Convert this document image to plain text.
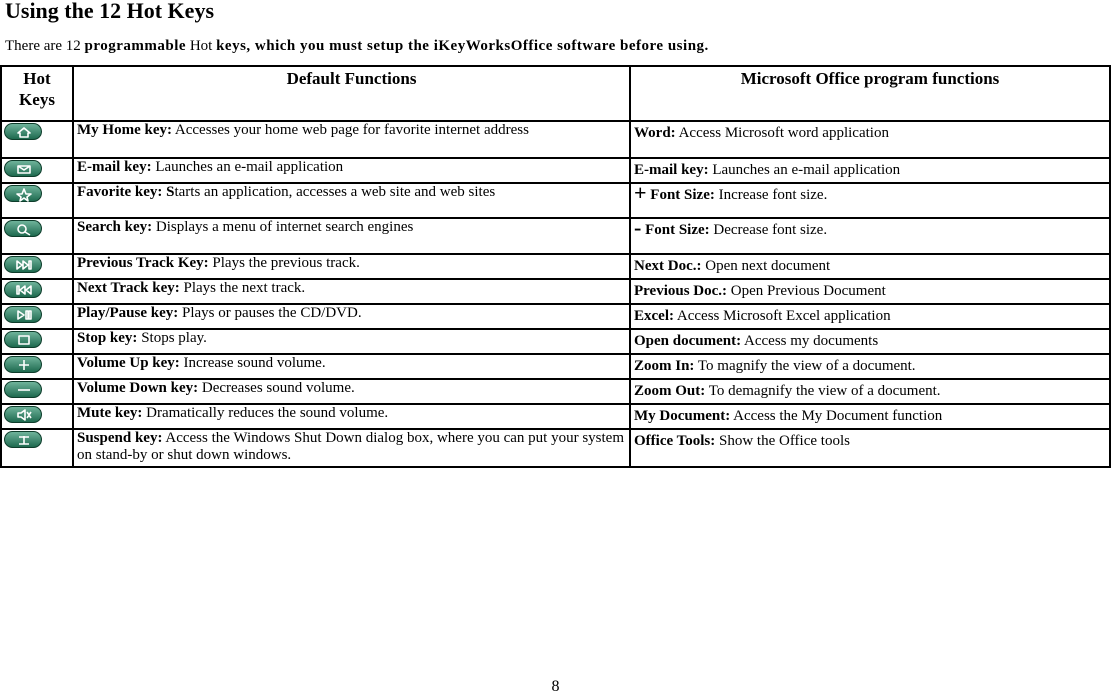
Using the 12 Hot Keys
There are 12 programmable Hot keys, which you must setup the iKeyWorksOffice software before using.
Hot Keys	Default Functions	Microsoft Office program functions

	My Home key: Accesses your home web page for favorite internet address	Word: Access Microsoft word application

	E-mail key: Launches an e-mail application	E-mail key: Launches an e-mail application

	Favorite key: Starts an application, accesses a web site and web sites	+ Font Size: Increase font size.

	Search key: Displays a menu of internet search engines	- Font Size: Decrease font size.

	Previous Track Key: Plays the previous track.	Next Doc.: Open next document

	Next Track key: Plays the next track.	Previous Doc.: Open Previous Document

	Play/Pause key: Plays or pauses the CD/DVD.	Excel: Access Microsoft Excel application

	Stop key: Stops play.	Open document: Access my documents

	Volume Up key: Increase sound volume.	Zoom In: To magnify the view of a document.

	Volume Down key: Decreases sound volume.	Zoom Out: To demagnify the view of a document.

	Mute key: Dramatically reduces the sound volume.	My Document: Access the My Document function

	Suspend key: Access the Windows Shut Down dialog box, where you can put your system on stand-by or shut down windows.	Office Tools: Show the Office tools
8
